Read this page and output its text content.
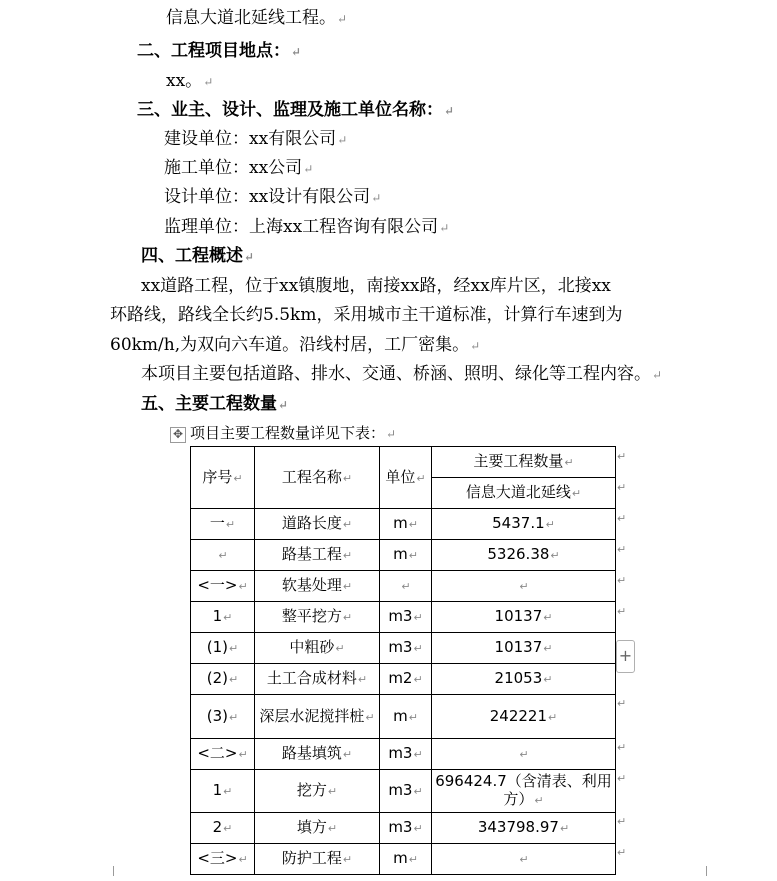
信息大道北延线工程。↵
二、工程项目地点：↵
xx。↵
三、业主、设计、监理及施工单位名称：↵
建设单位：xx有限公司↵
施工单位：xx公司↵
设计单位：xx设计有限公司↵
监理单位：上海xx工程咨询有限公司↵
四、工程概述↵
xx道路工程，位于xx镇腹地，南接xx路，经xx库片区，北接xx
环路线，路线全长约5.5km，采用城市主干道标准，计算行车速到为
60km/h,为双向六车道。沿线村居，工厂密集。↵
本项目主要包括道路、排水、交通、桥涵、照明、绿化等工程内容。↵
五、主要工程数量↵
✥ 项目主要工程数量详见下表：↵
序号↵	工程名称↵	单位↵	主要工程数量↵
			信息大道北延线↵
一↵	道路长度↵	m↵	5437.1↵
↵	路基工程↵	m↵	5326.38↵
<一>↵	软基处理↵	↵	↵
1↵	整平挖方↵	m3↵	10137↵
(1)↵	中粗砂↵	m3↵	10137↵
(2)↵	土工合成材料↵	m2↵	21053↵
(3)↵	深层水泥搅拌桩↵	m↵	242221↵
<二>↵	路基填筑↵	m3↵	↵
1↵	挖方↵	m3↵	696424.7（含清表、利用方）↵
2↵	填方↵	m3↵	343798.97↵
<三>↵	防护工程↵	m↵	↵
↵
↵
↵
↵
↵
↵
↵
↵
↵
↵
↵
+
